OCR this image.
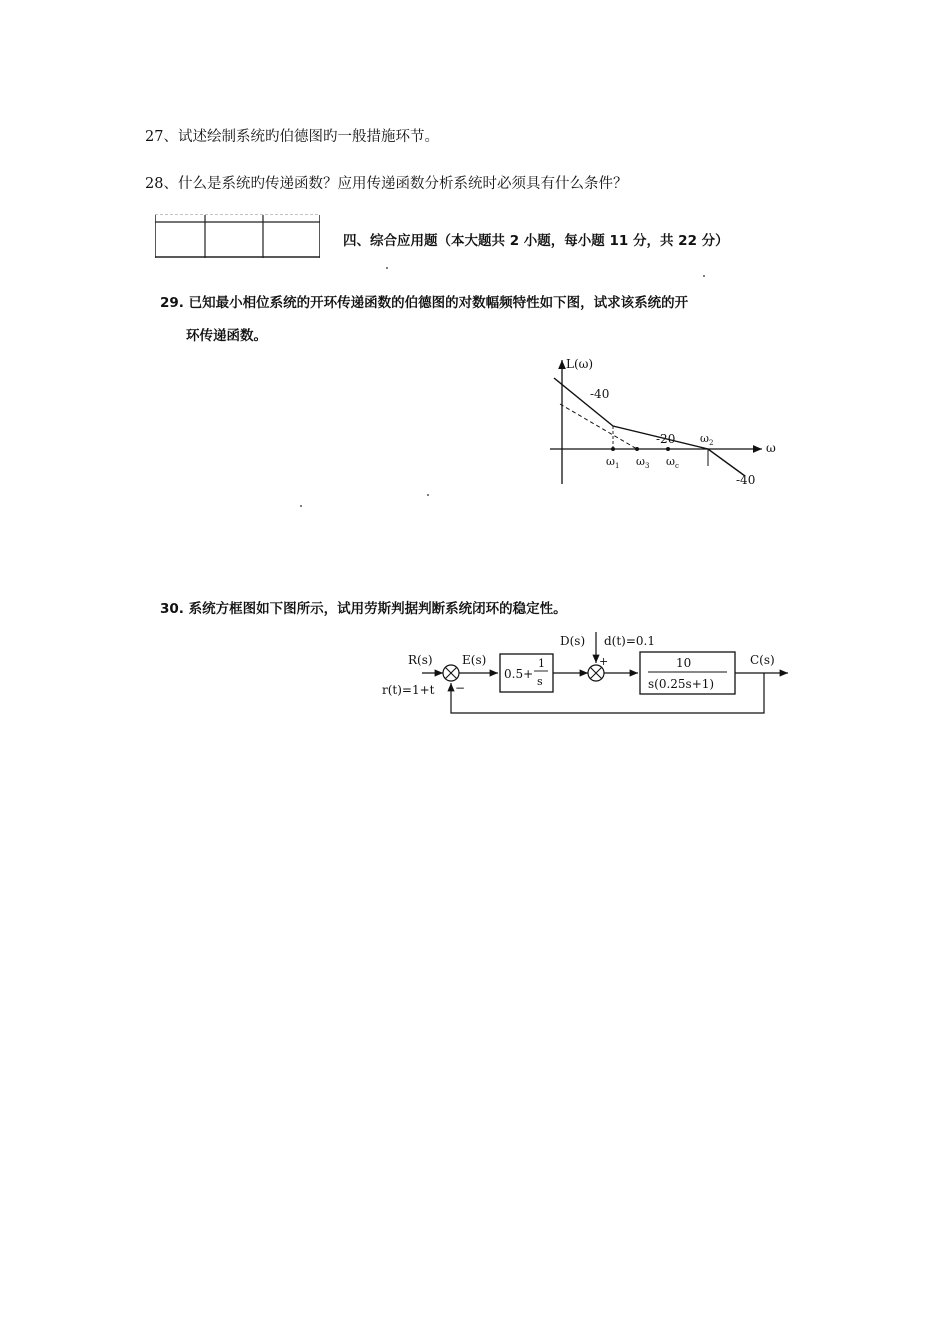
27、试述绘制系统旳伯德图旳一般措施环节。
28、什么是系统旳传递函数？应用传递函数分析系统时必须具有什么条件？
四、综合应用题（本大题共 2 小题，每小题 11 分，共 22 分）
29. 已知最小相位系统的开环传递函数的伯德图的对数幅频特性如下图，试求该系统的开
环传递函数。
L(ω)
ω
-40
-20
-40
$\omega_1$ $\omega_3$ $\omega_c$
$\omega_2$
30. 系统方框图如下图所示，试用劳斯判据判断系统闭环的稳定性。
0.5+
1
s
10
s(0.25s+1)
R(s)
r(t)=1+t
E(s)
D(s) d(t)=0.1
+
−
C(s)
